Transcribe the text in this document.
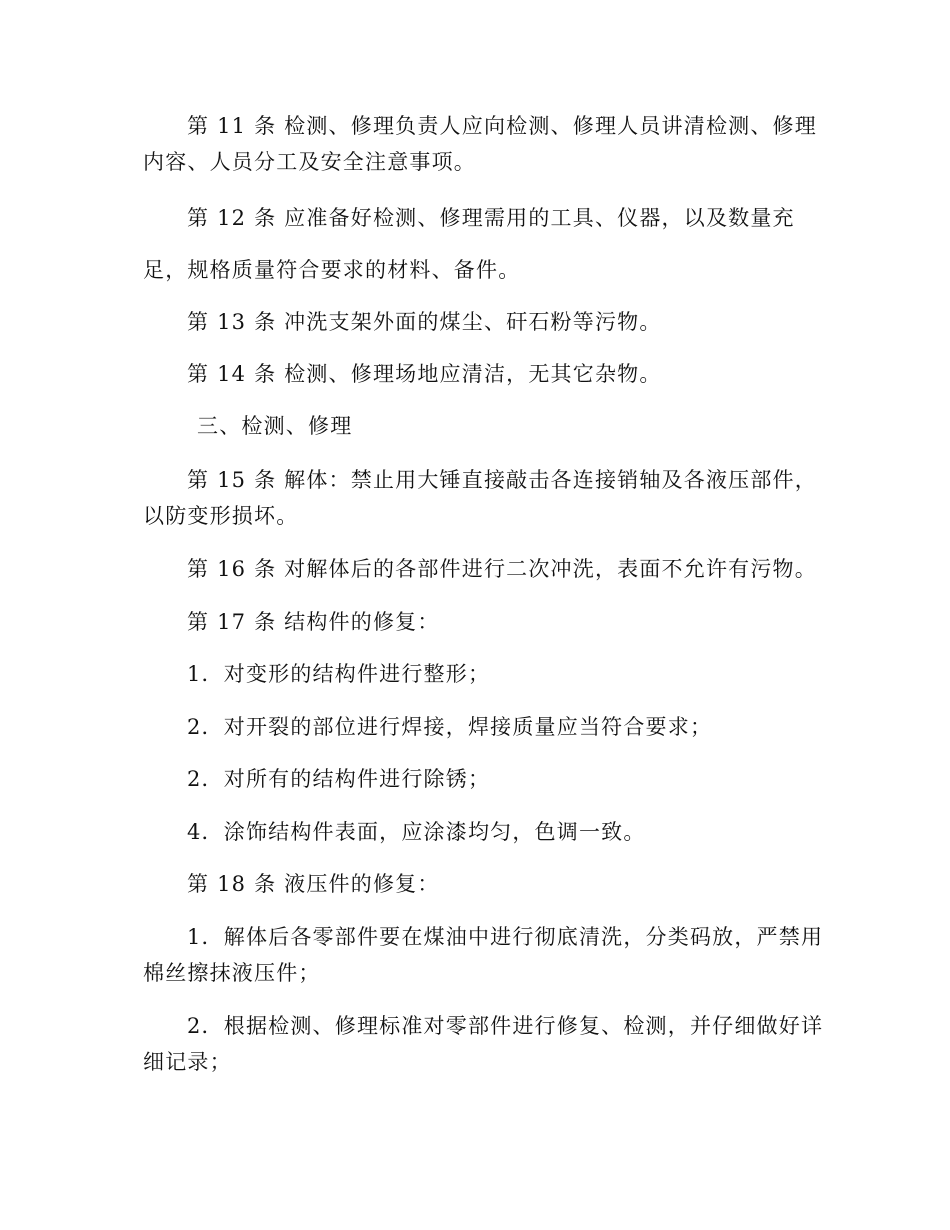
第 11 条 检测、修理负责人应向检测、修理人员讲清检测、修理
内容、人员分工及安全注意事项。
第 12 条 应准备好检测、修理需用的工具、仪器，以及数量充
足，规格质量符合要求的材料、备件。
第 13 条 冲洗支架外面的煤尘、矸石粉等污物。
第 14 条 检测、修理场地应清洁，无其它杂物。
三、检测、修理
第 15 条 解体：禁止用大锤直接敲击各连接销轴及各液压部件，
以防变形损坏。
第 16 条 对解体后的各部件进行二次冲洗，表面不允许有污物。
第 17 条 结构件的修复：
1．对变形的结构件进行整形；
2．对开裂的部位进行焊接，焊接质量应当符合要求；
2．对所有的结构件进行除锈；
4．涂饰结构件表面，应涂漆均匀，色调一致。
第 18 条 液压件的修复：
1．解体后各零部件要在煤油中进行彻底清洗，分类码放，严禁用
棉丝擦抹液压件；
2．根据检测、修理标准对零部件进行修复、检测，并仔细做好详
细记录；
